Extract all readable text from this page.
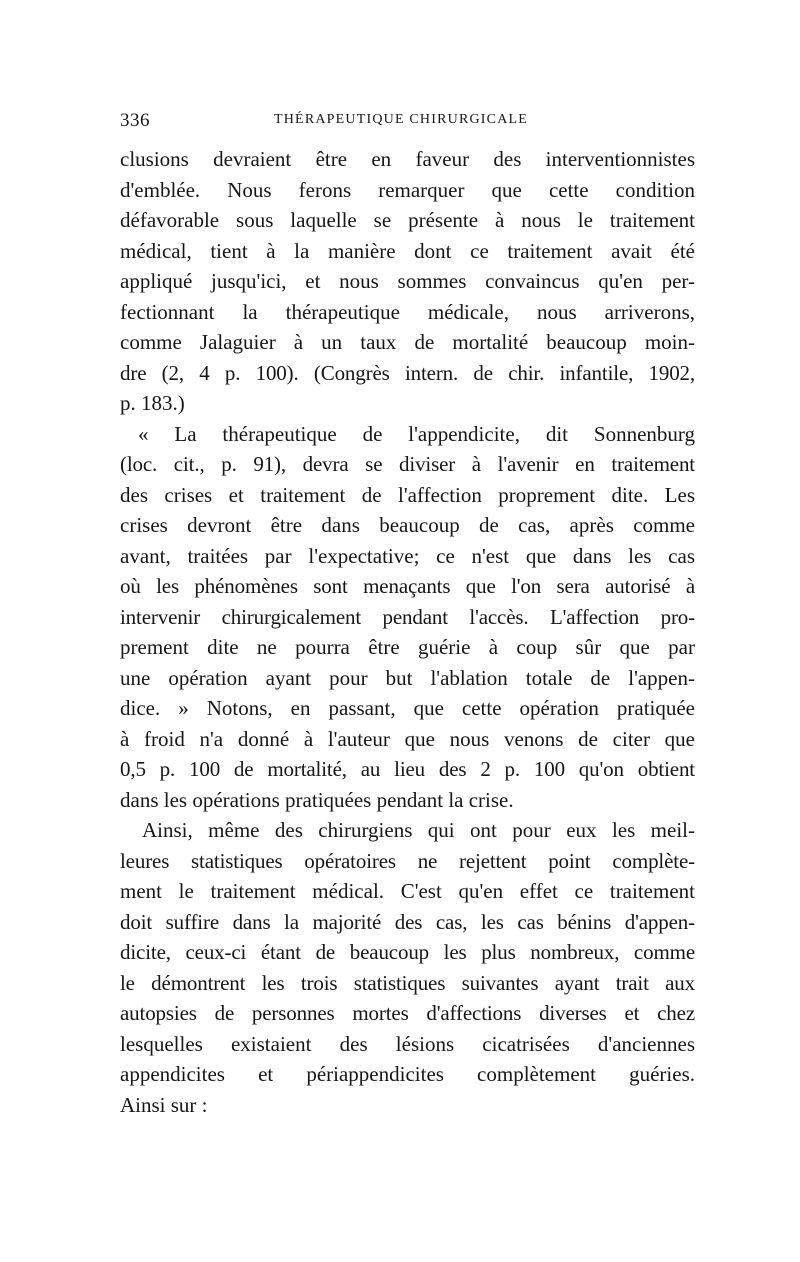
336	THÉRAPEUTIQUE CHIRURGICALE
clusions devraient être en faveur des interventionnistes
d'emblée. Nous ferons remarquer que cette condition
défavorable sous laquelle se présente à nous le traitement
médical, tient à la manière dont ce traitement avait été
appliqué jusqu'ici, et nous sommes convaincus qu'en per-
fectionnant la thérapeutique médicale, nous arriverons,
comme Jalaguier à un taux de mortalité beaucoup moin-
dre (2, 4 p. 100). (Congrès intern. de chir. infantile, 1902,
p. 183.)
« La thérapeutique de l'appendicite, dit Sonnenburg
(loc. cit., p. 91), devra se diviser à l'avenir en traitement
des crises et traitement de l'affection proprement dite. Les
crises devront être dans beaucoup de cas, après comme
avant, traitées par l'expectative; ce n'est que dans les cas
où les phénomènes sont menaçants que l'on sera autorisé à
intervenir chirurgicalement pendant l'accès. L'affection pro-
prement dite ne pourra être guérie à coup sûr que par
une opération ayant pour but l'ablation totale de l'appen-
dice. » Notons, en passant, que cette opération pratiquée
à froid n'a donné à l'auteur que nous venons de citer que
0,5 p. 100 de mortalité, au lieu des 2 p. 100 qu'on obtient
dans les opérations pratiquées pendant la crise.
Ainsi, même des chirurgiens qui ont pour eux les meil-
leures statistiques opératoires ne rejettent point complète-
ment le traitement médical. C'est qu'en effet ce traitement
doit suffire dans la majorité des cas, les cas bénins d'appen-
dicite, ceux-ci étant de beaucoup les plus nombreux, comme
le démontrent les trois statistiques suivantes ayant trait aux
autopsies de personnes mortes d'affections diverses et chez
lesquelles existaient des lésions cicatrisées d'anciennes
appendicites et périappendicites complètement guéries.
Ainsi sur :
